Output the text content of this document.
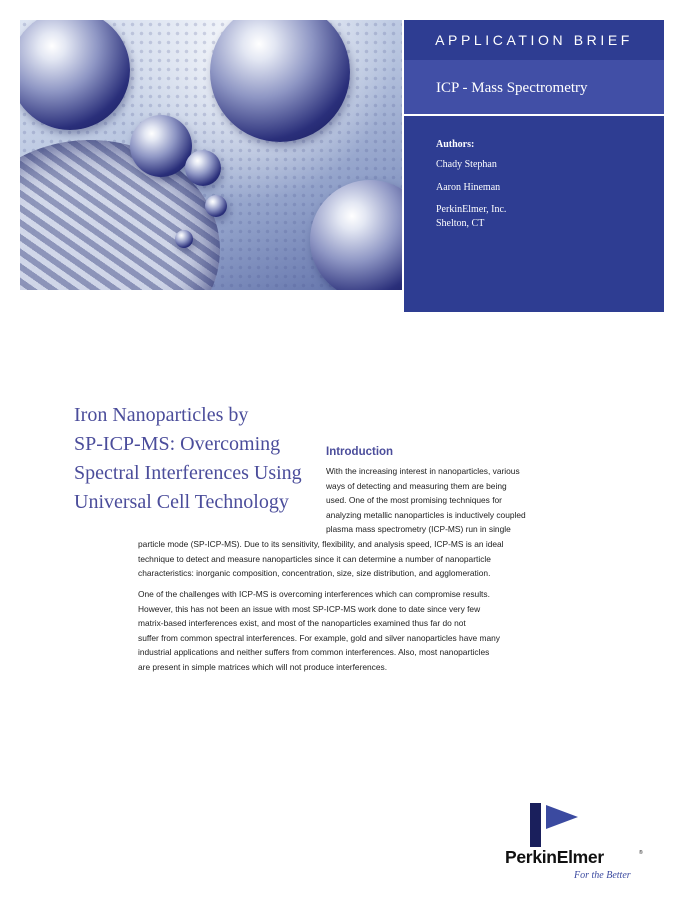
APPLICATION BRIEF
ICP - Mass Spectrometry
Authors:
Chady Stephan
Aaron Hineman
PerkinElmer, Inc.
Shelton, CT
Iron Nanoparticles by
SP-ICP-MS: Overcoming
Spectral Interferences Using
Universal Cell Technology
Introduction
With the increasing interest in nanoparticles, various
ways of detecting and measuring them are being
used. One of the most promising techniques for
analyzing metallic nanoparticles is inductively coupled
plasma mass spectrometry (ICP-MS) run in single
particle mode (SP-ICP-MS). Due to its sensitivity, flexibility, and analysis speed, ICP-MS is an ideal
technique to detect and measure nanoparticles since it can determine a number of nanoparticle
characteristics: inorganic composition, concentration, size, size distribution, and agglomeration.
One of the challenges with ICP-MS is overcoming interferences which can compromise results.
However, this has not been an issue with most SP-ICP-MS work done to date since very few
matrix-based interferences exist, and most of the nanoparticles examined thus far do not
suffer from common spectral interferences. For example, gold and silver nanoparticles have many
industrial applications and neither suffers from common interferences. Also, most nanoparticles
are present in simple matrices which will not produce interferences.
PerkinElmer	®
For the Better
